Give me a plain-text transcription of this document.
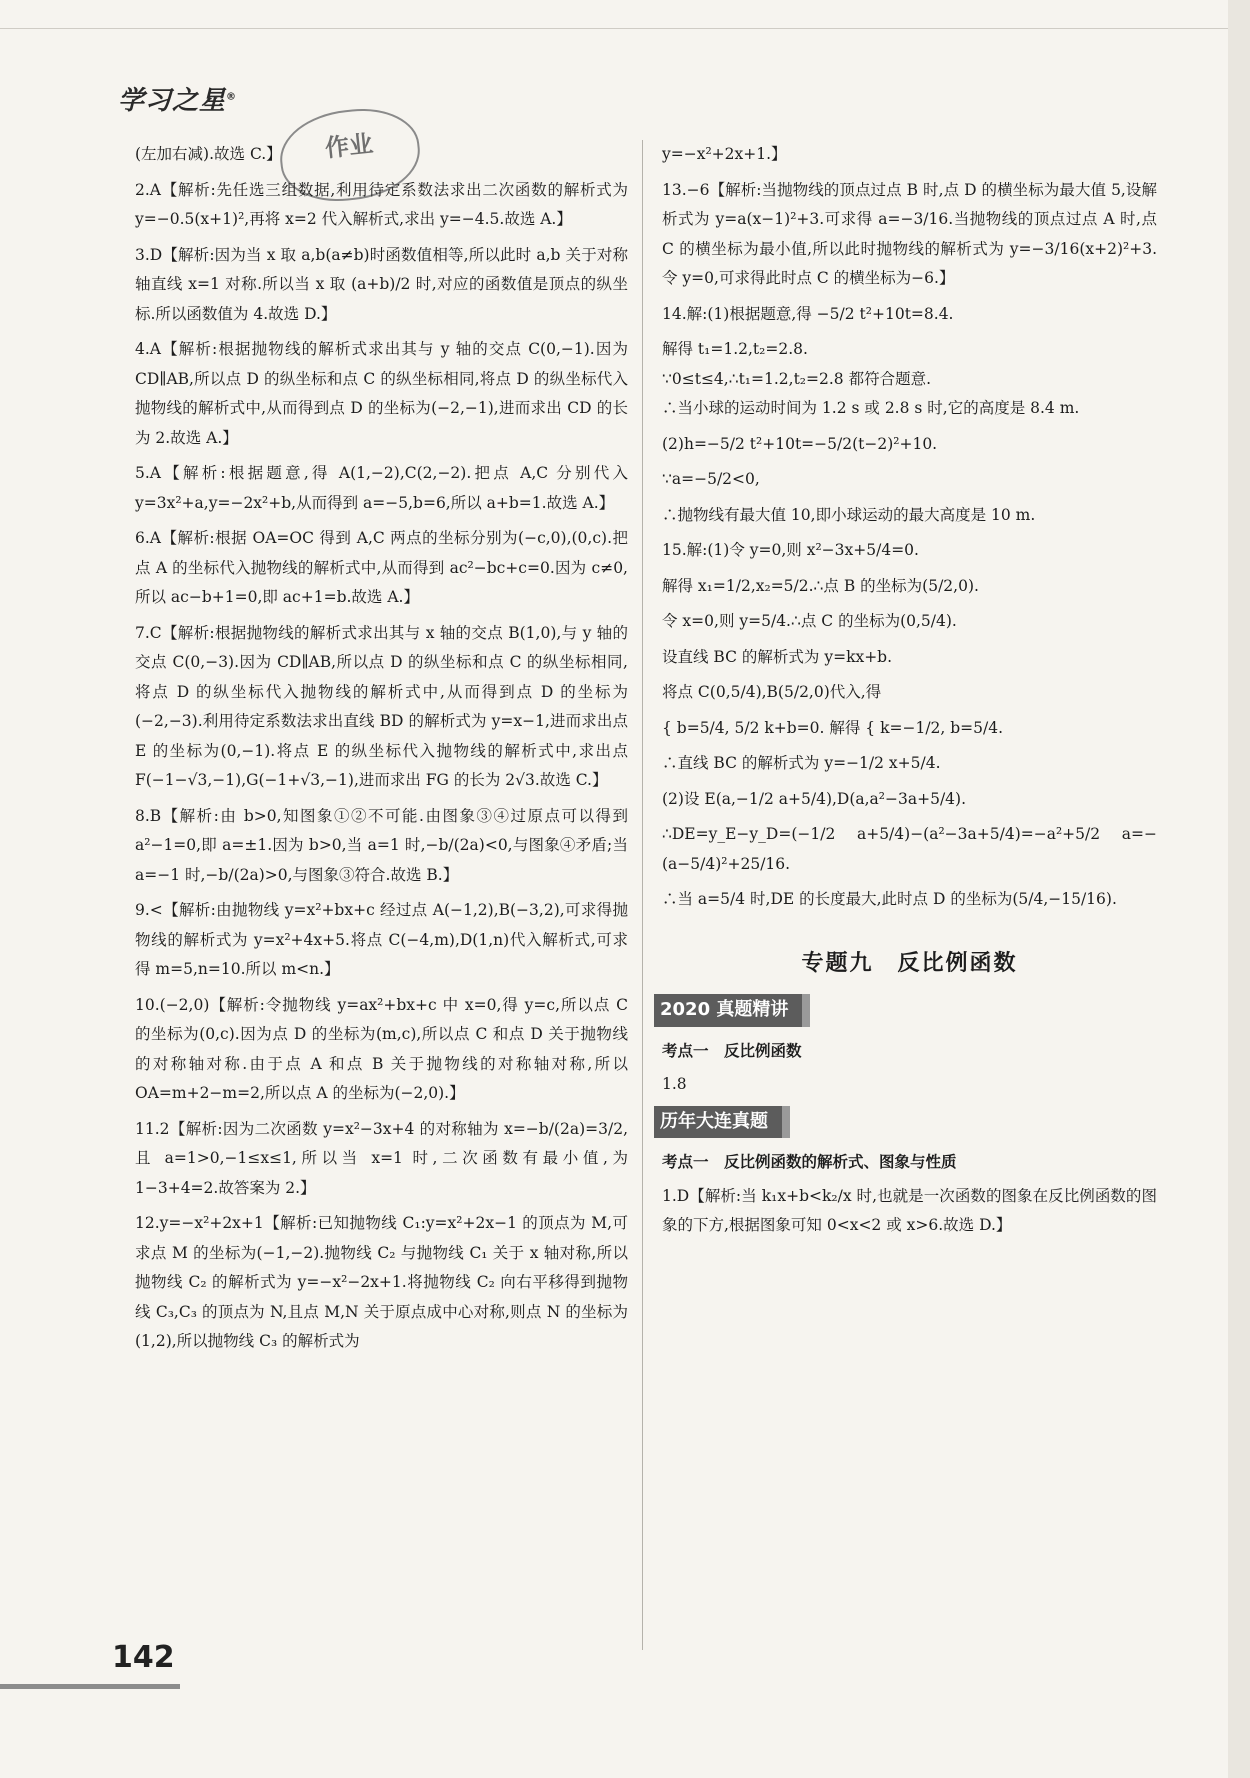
学习之星®
作业

(左加右减).故选 C.】

2.A【解析:先任选三组数据,利用待定系数法求出二次函数的解析式为 y=−0.5(x+1)²,再将 x=2 代入解析式,求出 y=−4.5.故选 A.】

3.D【解析:因为当 x 取 a,b(a≠b)时函数值相等,所以此时 a,b 关于对称轴直线 x=1 对称.所以当 x 取 (a+b)/2 时,对应的函数值是顶点的纵坐标.所以函数值为 4.故选 D.】

4.A【解析:根据抛物线的解析式求出其与 y 轴的交点 C(0,−1).因为 CD∥AB,所以点 D 的纵坐标和点 C 的纵坐标相同,将点 D 的纵坐标代入抛物线的解析式中,从而得到点 D 的坐标为(−2,−1),进而求出 CD 的长为 2.故选 A.】

5.A【解析:根据题意,得 A(1,−2),C(2,−2).把点 A,C 分别代入 y=3x²+a,y=−2x²+b,从而得到 a=−5,b=6,所以 a+b=1.故选 A.】

6.A【解析:根据 OA=OC 得到 A,C 两点的坐标分别为(−c,0),(0,c).把点 A 的坐标代入抛物线的解析式中,从而得到 ac²−bc+c=0.因为 c≠0,所以 ac−b+1=0,即 ac+1=b.故选 A.】

7.C【解析:根据抛物线的解析式求出其与 x 轴的交点 B(1,0),与 y 轴的交点 C(0,−3).因为 CD∥AB,所以点 D 的纵坐标和点 C 的纵坐标相同,将点 D 的纵坐标代入抛物线的解析式中,从而得到点 D 的坐标为(−2,−3).利用待定系数法求出直线 BD 的解析式为 y=x−1,进而求出点 E 的坐标为(0,−1).将点 E 的纵坐标代入抛物线的解析式中,求出点 F(−1−√3,−1),G(−1+√3,−1),进而求出 FG 的长为 2√3.故选 C.】

8.B【解析:由 b>0,知图象①②不可能.由图象③④过原点可以得到 a²−1=0,即 a=±1.因为 b>0,当 a=1 时,−b/(2a)<0,与图象④矛盾;当 a=−1 时,−b/(2a)>0,与图象③符合.故选 B.】

9.<【解析:由抛物线 y=x²+bx+c 经过点 A(−1,2),B(−3,2),可求得抛物线的解析式为 y=x²+4x+5.将点 C(−4,m),D(1,n)代入解析式,可求得 m=5,n=10.所以 m<n.】

10.(−2,0)【解析:令抛物线 y=ax²+bx+c 中 x=0,得 y=c,所以点 C 的坐标为(0,c).因为点 D 的坐标为(m,c),所以点 C 和点 D 关于抛物线的对称轴对称.由于点 A 和点 B 关于抛物线的对称轴对称,所以 OA=m+2−m=2,所以点 A 的坐标为(−2,0).】

11.2【解析:因为二次函数 y=x²−3x+4 的对称轴为 x=−b/(2a)=3/2,且 a=1>0,−1≤x≤1,所以当 x=1 时,二次函数有最小值,为 1−3+4=2.故答案为 2.】

12.y=−x²+2x+1【解析:已知抛物线 C₁:y=x²+2x−1 的顶点为 M,可求点 M 的坐标为(−1,−2).抛物线 C₂ 与抛物线 C₁ 关于 x 轴对称,所以抛物线 C₂ 的解析式为 y=−x²−2x+1.将抛物线 C₂ 向右平移得到抛物线 C₃,C₃ 的顶点为 N,且点 M,N 关于原点成中心对称,则点 N 的坐标为(1,2),所以抛物线 C₃ 的解析式为

y=−x²+2x+1.】

13.−6【解析:当抛物线的顶点过点 B 时,点 D 的横坐标为最大值 5,设解析式为 y=a(x−1)²+3.可求得 a=−3/16.当抛物线的顶点过点 A 时,点 C 的横坐标为最小值,所以此时抛物线的解析式为 y=−3/16(x+2)²+3.令 y=0,可求得此时点 C 的横坐标为−6.】

14.解:(1)根据题意,得 −5/2 t²+10t=8.4.

解得 t₁=1.2,t₂=2.8.

∵0≤t≤4,∴t₁=1.2,t₂=2.8 都符合题意.

∴当小球的运动时间为 1.2 s 或 2.8 s 时,它的高度是 8.4 m.

(2)h=−5/2 t²+10t=−5/2(t−2)²+10.

∵a=−5/2<0,

∴抛物线有最大值 10,即小球运动的最大高度是 10 m.

15.解:(1)令 y=0,则 x²−3x+5/4=0.

解得 x₁=1/2,x₂=5/2.∴点 B 的坐标为(5/2,0).

令 x=0,则 y=5/4.∴点 C 的坐标为(0,5/4).

设直线 BC 的解析式为 y=kx+b.

将点 C(0,5/4),B(5/2,0)代入,得

{ b=5/4, 5/2 k+b=0. 解得 { k=−1/2, b=5/4.

∴直线 BC 的解析式为 y=−1/2 x+5/4.

(2)设 E(a,−1/2 a+5/4),D(a,a²−3a+5/4).

∴DE=y_E−y_D=(−1/2 a+5/4)−(a²−3a+5/4)=−a²+5/2 a=−(a−5/4)²+25/16.

∴当 a=5/4 时,DE 的长度最大,此时点 D 的坐标为(5/4,−15/16).

专题九　反比例函数
2020 真题精讲
考点一　反比例函数

1.8

历年大连真题
考点一　反比例函数的解析式、图象与性质

1.D【解析:当 k₁x+b<k₂/x 时,也就是一次函数的图象在反比例函数的图象的下方,根据图象可知 0<x<2 或 x>6.故选 D.】

142
